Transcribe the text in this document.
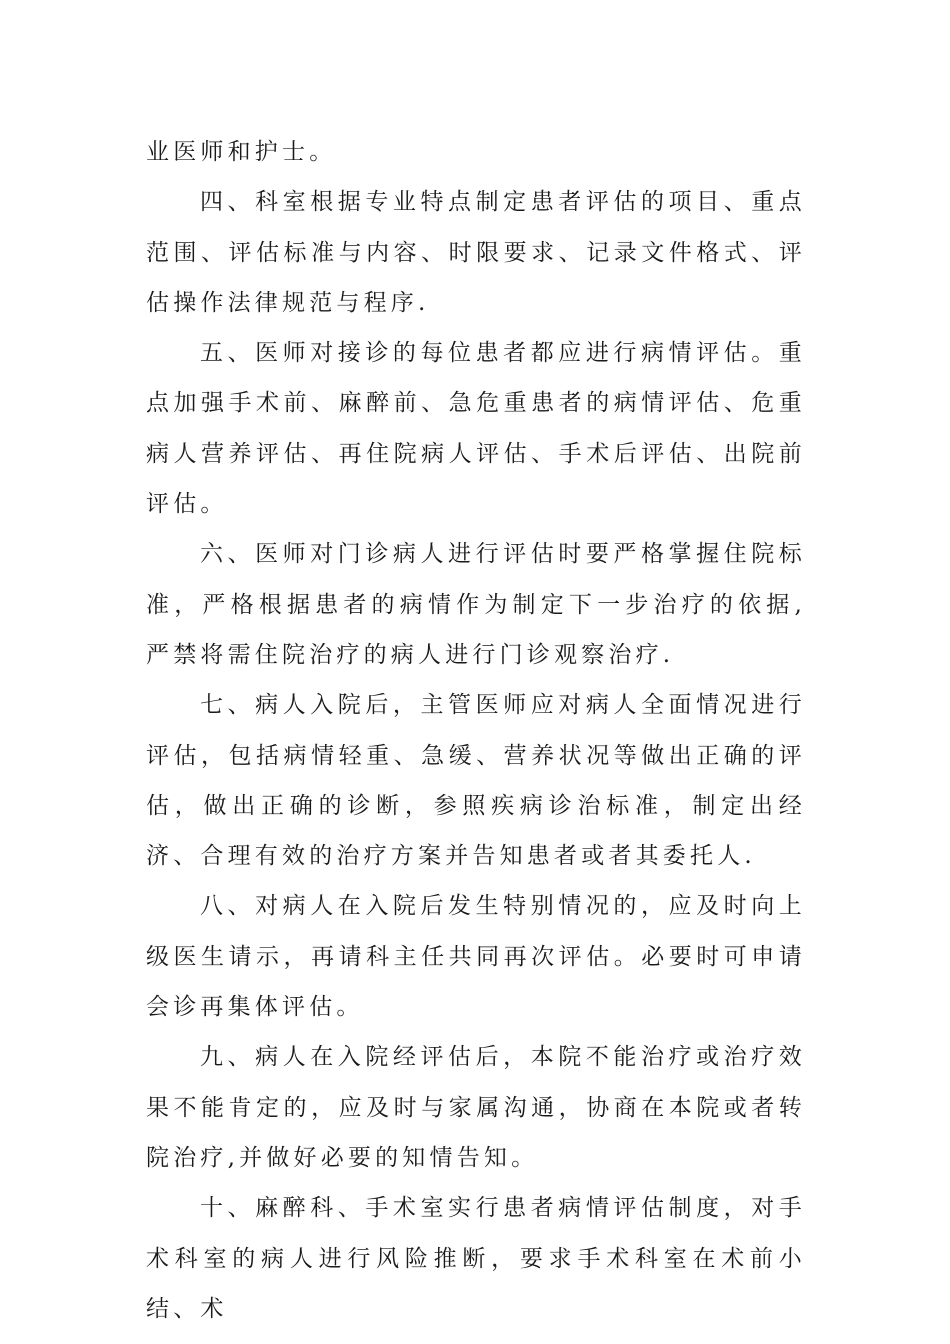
业医师和护士。

四、科室根据专业特点制定患者评估的项目、重点范围、评估标准与内容、时限要求、记录文件格式、评估操作法律规范与程序.

五、医师对接诊的每位患者都应进行病情评估。重点加强手术前、麻醉前、急危重患者的病情评估、危重病人营养评估、再住院病人评估、手术后评估、出院前评估。

六、医师对门诊病人进行评估时要严格掌握住院标准，严格根据患者的病情作为制定下一步治疗的依据,严禁将需住院治疗的病人进行门诊观察治疗.

七、病人入院后，主管医师应对病人全面情况进行评估，包括病情轻重、急缓、营养状况等做出正确的评估，做出正确的诊断，参照疾病诊治标准，制定出经济、合理有效的治疗方案并告知患者或者其委托人.

八、对病人在入院后发生特别情况的，应及时向上级医生请示，再请科主任共同再次评估。必要时可申请会诊再集体评估。

九、病人在入院经评估后，本院不能治疗或治疗效果不能肯定的，应及时与家属沟通，协商在本院或者转院治疗,并做好必要的知情告知。

十、麻醉科、手术室实行患者病情评估制度，对手术科室的病人进行风险推断，要求手术科室在术前小结、术
